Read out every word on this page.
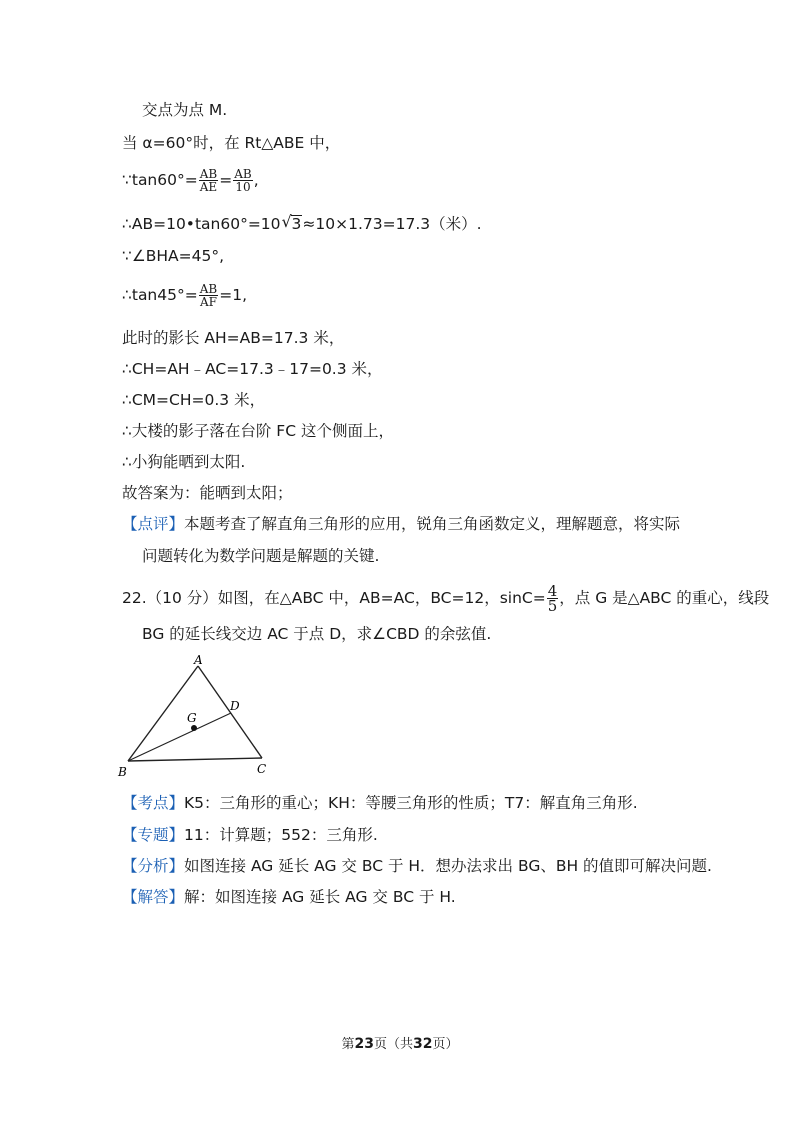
交点为点 M.
当 α=60°时，在 Rt△ABE 中，
∵tan60°= $\frac{AB}{AE} = \frac{AB}{10}$ ,
∴AB=10•tan60°=10 √ 3≈10×1.73=17.3（米）.
∵∠BHA=45°,
∴tan45°= $\frac{AB}{AF} =1$,
此时的影长 AH=AB=17.3 米，
∴CH=AH﹣AC=17.3﹣17=0.3 米，
∴CM=CH=0.3 米，
∴大楼的影子落在台阶 FC 这个侧面上，
∴小狗能晒到太阳.
故答案为：能晒到太阳；
【点评】本题考查了解直角三角形的应用，锐角三角函数定义，理解题意，将实际
问题转化为数学问题是解题的关键.
22.（10 分）如图，在△ABC 中，AB=AC，BC=12，$\sin C= \frac{4}{5}$ ，点 G 是△ABC 的重心，线段
BG 的延长线交边 AC 于点 D，求∠CBD 的余弦值.
A
B	C
D
G
【考点】K5：三角形的重心；KH：等腰三角形的性质；T7：解直角三角形.
【专题】11：计算题；552：三角形.
【分析】如图连接 AG 延长 AG 交 BC 于 H．想办法求出 BG、BH 的值即可解决问题.
【解答】解：如图连接 AG 延长 AG 交 BC 于 H.
第23页（共32页）
